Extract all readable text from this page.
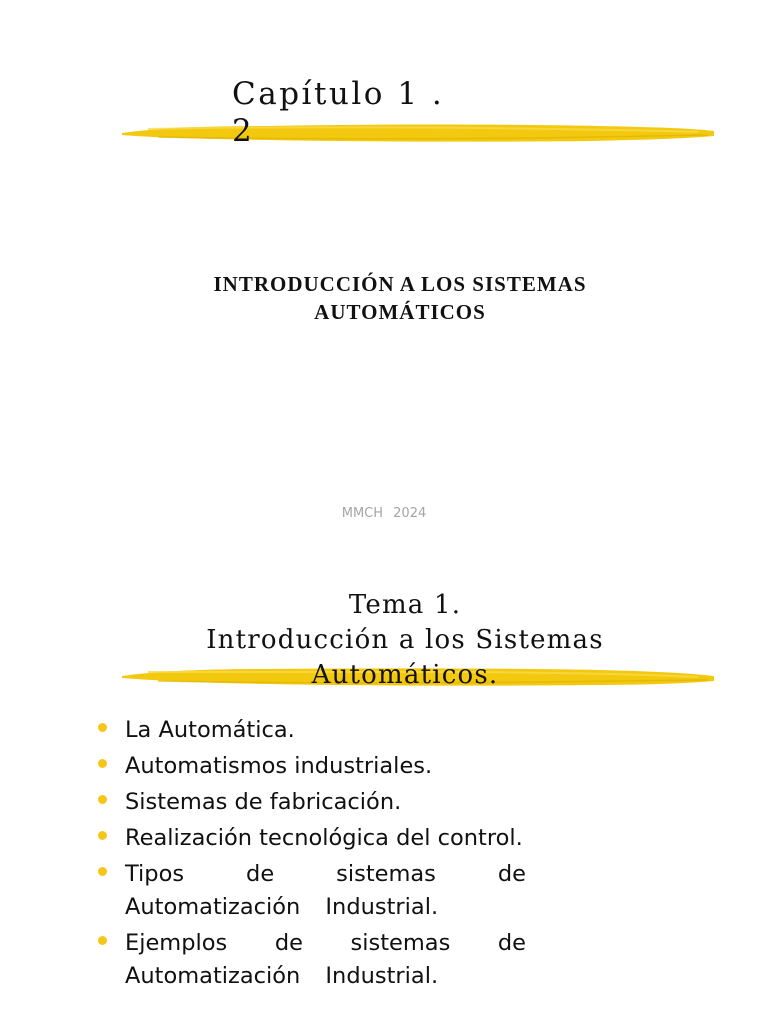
Capítulo 1 . 2
INTRODUCCIÓN A LOS SISTEMAS
AUTOMÁTICOS
MMCH 2024
Tema 1.
Introducción a los Sistemas
Automáticos.
La Automática.
Automatismos industriales.
Sistemas de fabricación.
Realización tecnológica del control.
Tipos de sistemas de Automatización Industrial.
Ejemplos de sistemas de Automatización Industrial.
